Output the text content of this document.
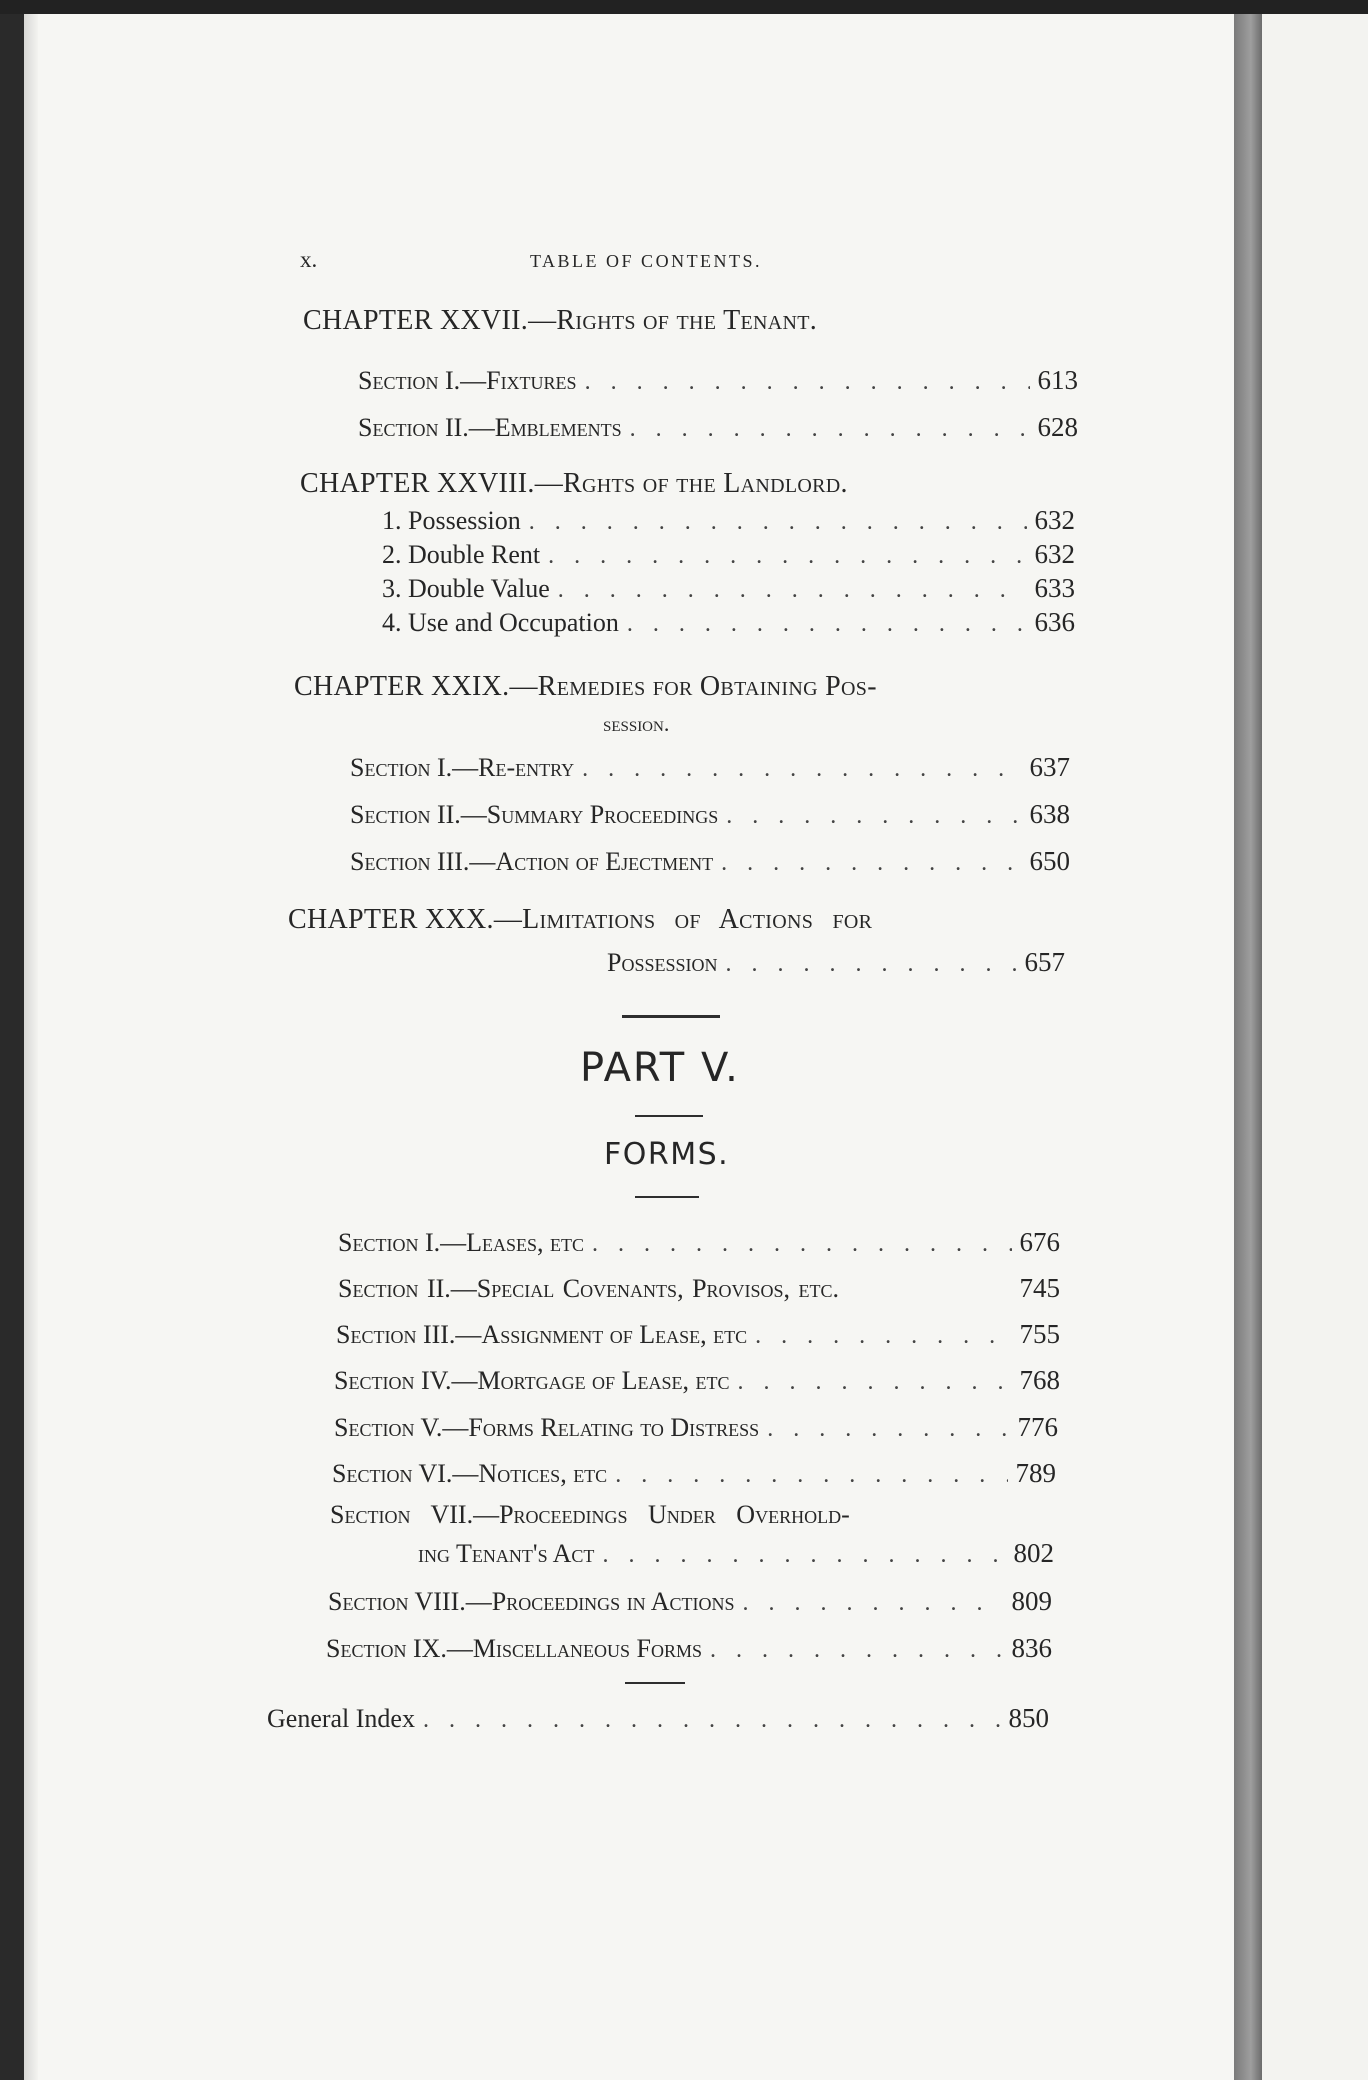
x.	TABLE OF CONTENTS.
CHAPTER XXVII.— Rights of the Tenant.
Section I.—Fixtures . . .	613
Section II.—Emblements . . .	628
CHAPTER XXVIII.— Rghts of the Landlord.
1. Possession . . .	632
2. Double Rent . . .	632
3. Double Value . . .	633
4. Use and Occupation . . .	636
CHAPTER XXIX.— Remedies for Obtaining Pos-
session.
Section I.—Re-entry . . .	637
Section II.—Summary Proceedings . . .	638
Section III.—Action of Ejectment . . .	650
CHAPTER XXX.— Limitations of Actions for
Possession . . .	657
PART V.
FORMS.
Section I.—Leases, etc . . .	676
Section II.—Special Covenants, Provisos, etc.	745
Section III.—Assignment of Lease, etc . . .	755
Section IV.—Mortgage of Lease, etc . . .	768
Section V.—Forms Relating to Distress . . .	776
Section VI.—Notices, etc . . .	789
Section VII.—Proceedings Under Overhold-
ing Tenant's Act . . .	802
Section VIII.—Proceedings in Actions . . .	809
Section IX.—Miscellaneous Forms . . .	836
General Index . . .	850
